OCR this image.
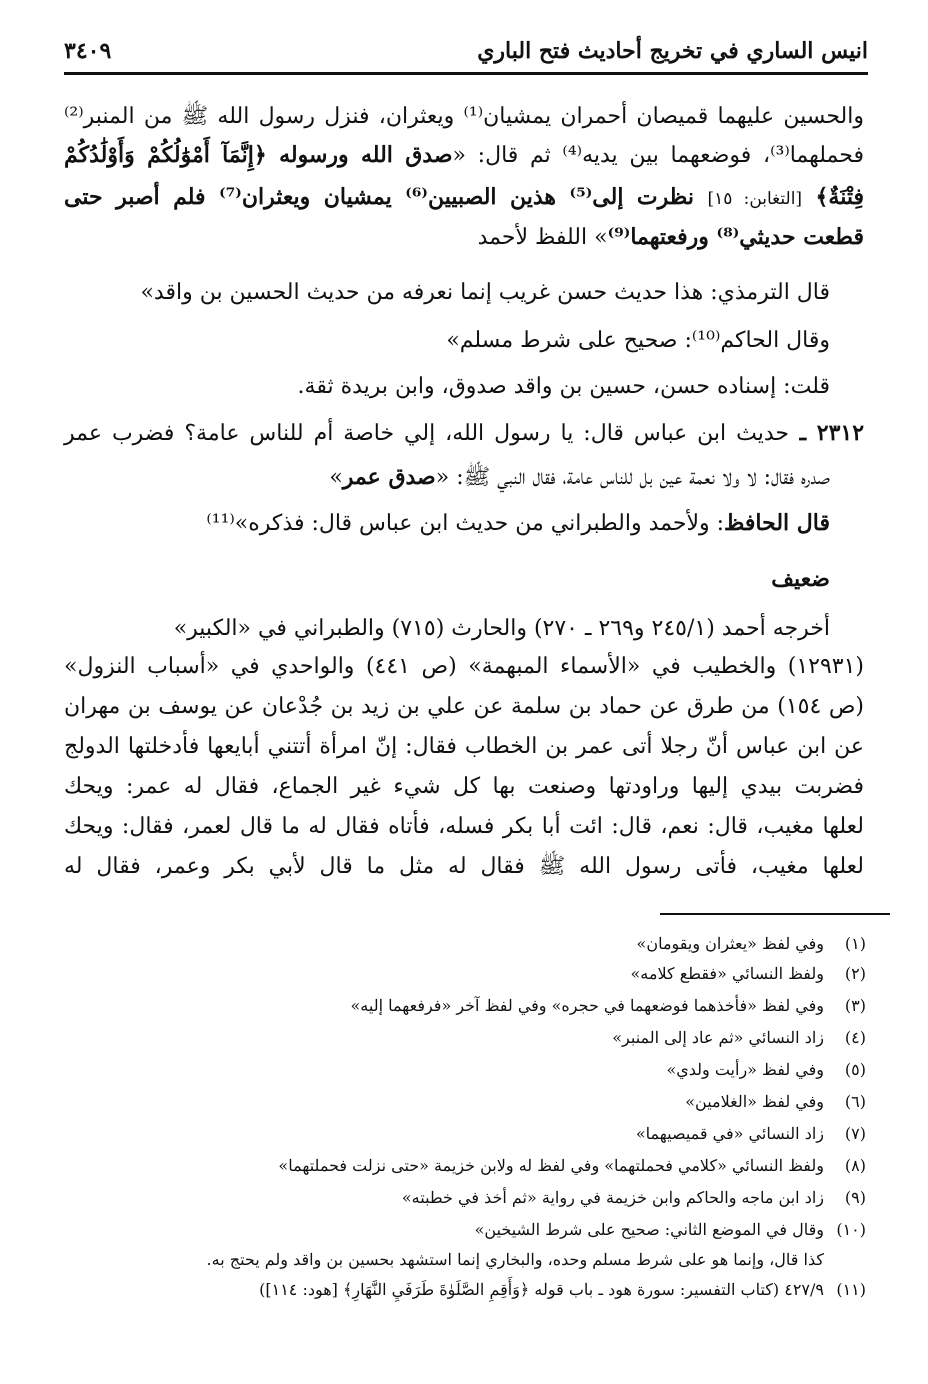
انيس الساري في تخريج أحاديث فتح الباري
٣٤٠٩
والحسين عليهما قميصان أحمران يمشيان⁽¹⁾ ويعثران، فنزل رسول الله ﷺ من المنبر⁽²⁾
فحملهما⁽³⁾، فوضعهما بين يديه⁽⁴⁾ ثم قال: «صدق الله ورسوله ﴿إِنَّمَآ أَمْوَٰلُكُمْ وَأَوْلَٰدُكُمْ
فِتْنَةٌ﴾ [التغابن: ١٥] نظرت إلى⁽⁵⁾ هذين الصبيين⁽⁶⁾ يمشيان ويعثران⁽⁷⁾ فلم أصبر حتى
قطعت حديثي⁽⁸⁾ ورفعتهما⁽⁹⁾» اللفظ لأحمد
قال الترمذي: هذا حديث حسن غريب إنما نعرفه من حديث الحسين بن واقد»
وقال الحاكم⁽¹⁰⁾: صحيح على شرط مسلم»
قلت: إسناده حسن، حسين بن واقد صدوق، وابن بريدة ثقة.
٢٣١٢ ـ حديث ابن عباس قال: يا رسول الله، إلي خاصة أم للناس عامة؟ فضرب عمر
صدره فقال: لا ولا نعمة عين بل للناس عامة، فقال النبي ﷺ: «صدق عمر»
قال الحافظ: ولأحمد والطبراني من حديث ابن عباس قال: فذكره»⁽¹¹⁾
ضعيف
أخرجه أحمد (٢٤٥/١ و٢٦٩ ـ ٢٧٠) والحارث (٧١٥) والطبراني في «الكبير»
(١٢٩٣١) والخطيب في «الأسماء المبهمة» (ص ٤٤١) والواحدي في «أسباب النزول»
(ص ١٥٤) من طرق عن حماد بن سلمة عن علي بن زيد بن جُدْعان عن يوسف بن مهران
عن ابن عباس أنّ رجلا أتى عمر بن الخطاب فقال: إنّ امرأة أتتني أبايعها فأدخلتها الدولج
فضربت بيدي إليها وراودتها وصنعت بها كل شيء غير الجماع، فقال له عمر: ويحك
لعلها مغيب، قال: نعم، قال: ائت أبا بكر فسله، فأتاه فقال له ما قال لعمر، فقال: ويحك
لعلها مغيب، فأتى رسول الله ﷺ فقال له مثل ما قال لأبي بكر وعمر، فقال له
(١)وفي لفظ «يعثران ويقومان»
(٢)ولفظ النسائي «فقطع كلامه»
(٣)وفي لفظ «فأخذهما فوضعهما في حجره» وفي لفظ آخر «فرفعهما إليه»
(٤)زاد النسائي «ثم عاد إلى المنبر»
(٥)وفي لفظ «رأيت ولدي»
(٦)وفي لفظ «الغلامين»
(٧)زاد النسائي «في قميصيهما»
(٨)ولفظ النسائي «كلامي فحملتهما» وفي لفظ له ولابن خزيمة «حتى نزلت فحملتهما»
(٩)زاد ابن ماجه والحاكم وابن خزيمة في رواية «ثم أخذ في خطبته»
(١٠)وقال في الموضع الثاني: صحيح على شرط الشيخين»
كذا قال، وإنما هو على شرط مسلم وحده، والبخاري إنما استشهد بحسين بن واقد ولم يحتج به.
(١١)٤٢٧/٩ (كتاب التفسير: سورة هود ـ باب قوله ﴿وَأَقِمِ الصَّلَوٰةَ طَرَفَيِ النَّهَارِ﴾ [هود: ١١٤])
